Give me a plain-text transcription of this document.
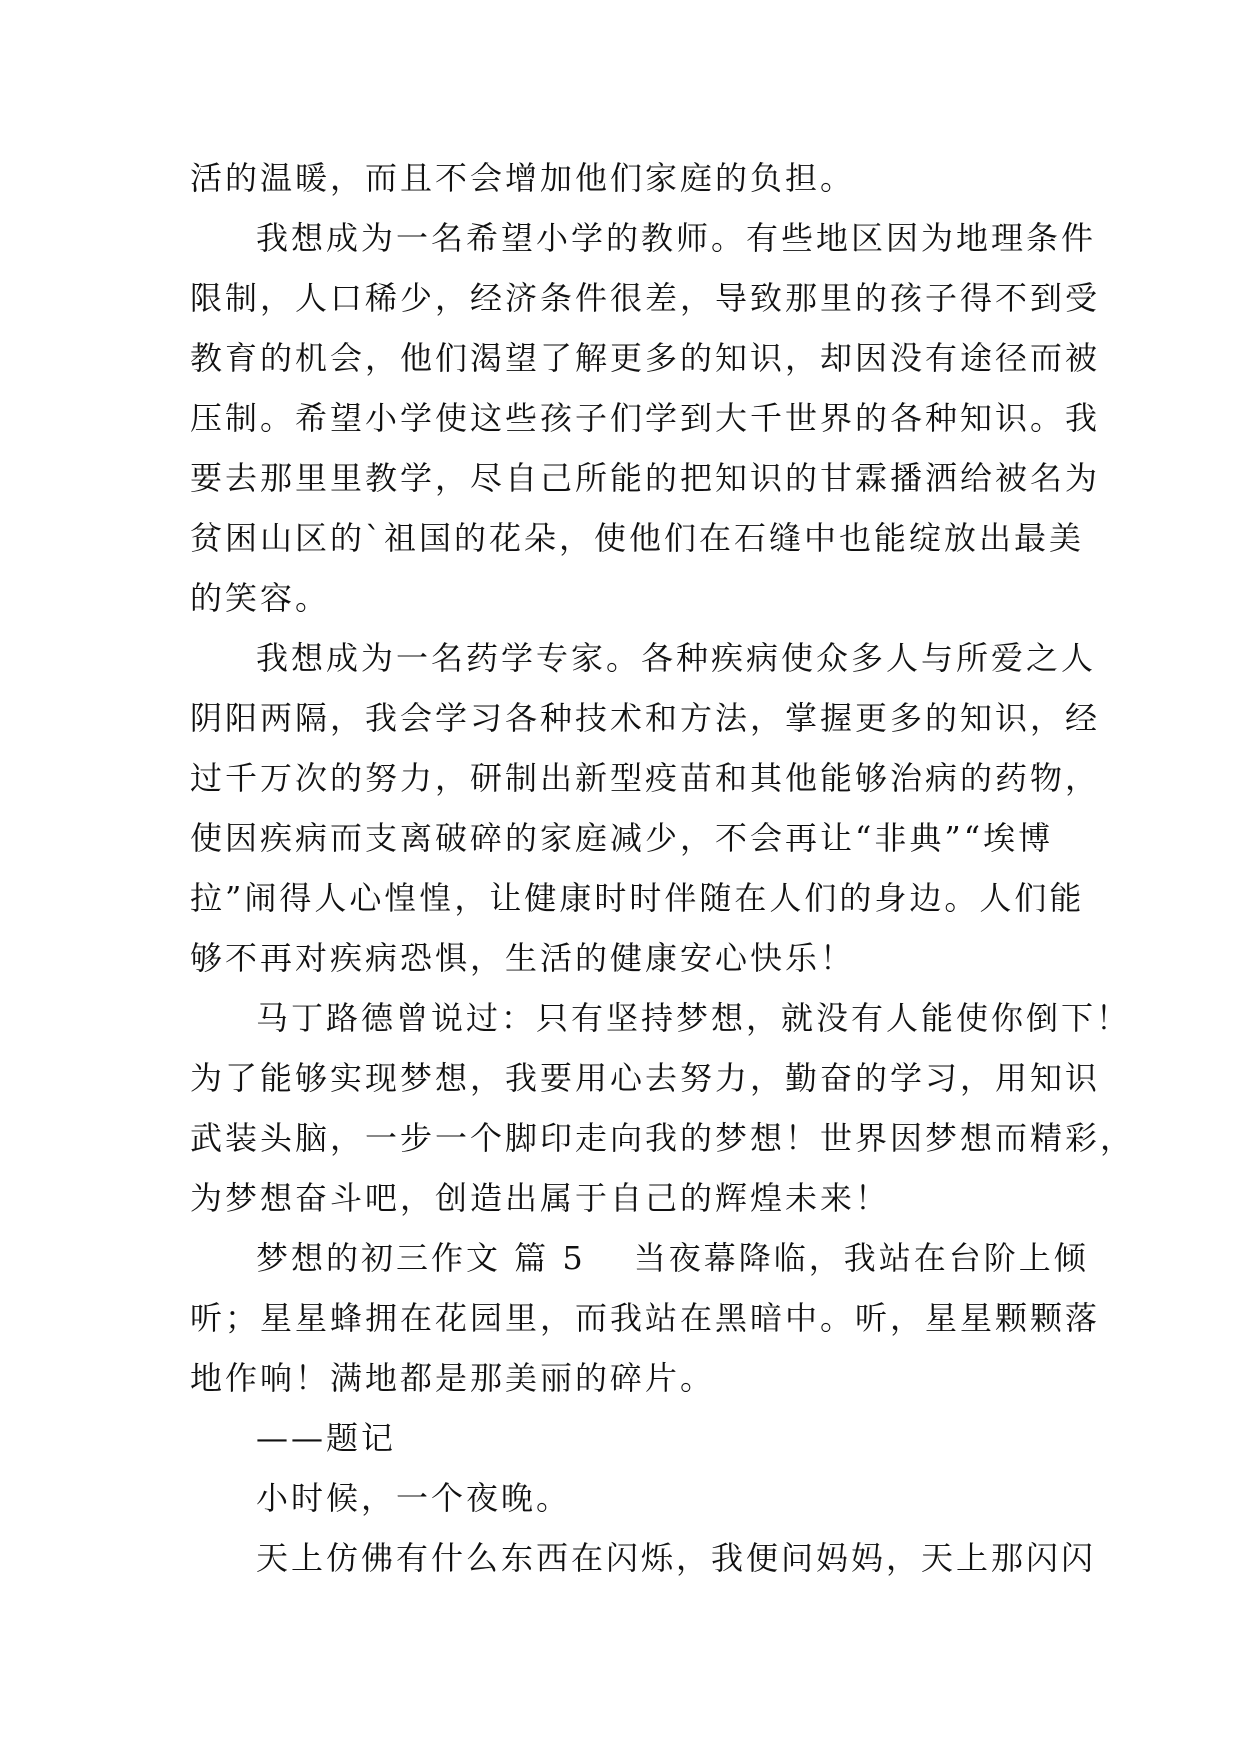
活的温暖，而且不会增加他们家庭的负担。
我想成为一名希望小学的教师。有些地区因为地理条件
限制，人口稀少，经济条件很差，导致那里的孩子得不到受
教育的机会，他们渴望了解更多的知识，却因没有途径而被
压制。希望小学使这些孩子们学到大千世界的各种知识。我
要去那里里教学，尽自己所能的把知识的甘霖播洒给被名为
贫困山区的`祖国的花朵，使他们在石缝中也能绽放出最美
的笑容。
我想成为一名药学专家。各种疾病使众多人与所爱之人
阴阳两隔，我会学习各种技术和方法，掌握更多的知识，经
过千万次的努力，研制出新型疫苗和其他能够治病的药物，
使因疾病而支离破碎的家庭减少，不会再让“非典”“埃博
拉”闹得人心惶惶，让健康时时伴随在人们的身边。人们能
够不再对疾病恐惧，生活的健康安心快乐！
马丁路德曾说过：只有坚持梦想，就没有人能使你倒下！
为了能够实现梦想，我要用心去努力，勤奋的学习，用知识
武装头脑，一步一个脚印走向我的梦想！世界因梦想而精彩，
为梦想奋斗吧，创造出属于自己的辉煌未来！
梦想的初三作文 篇 5 当夜幕降临，我站在台阶上倾
听；星星蜂拥在花园里，而我站在黑暗中。听，星星颗颗落
地作响！满地都是那美丽的碎片。
——题记
小时候，一个夜晚。
天上仿佛有什么东西在闪烁，我便问妈妈，天上那闪闪
